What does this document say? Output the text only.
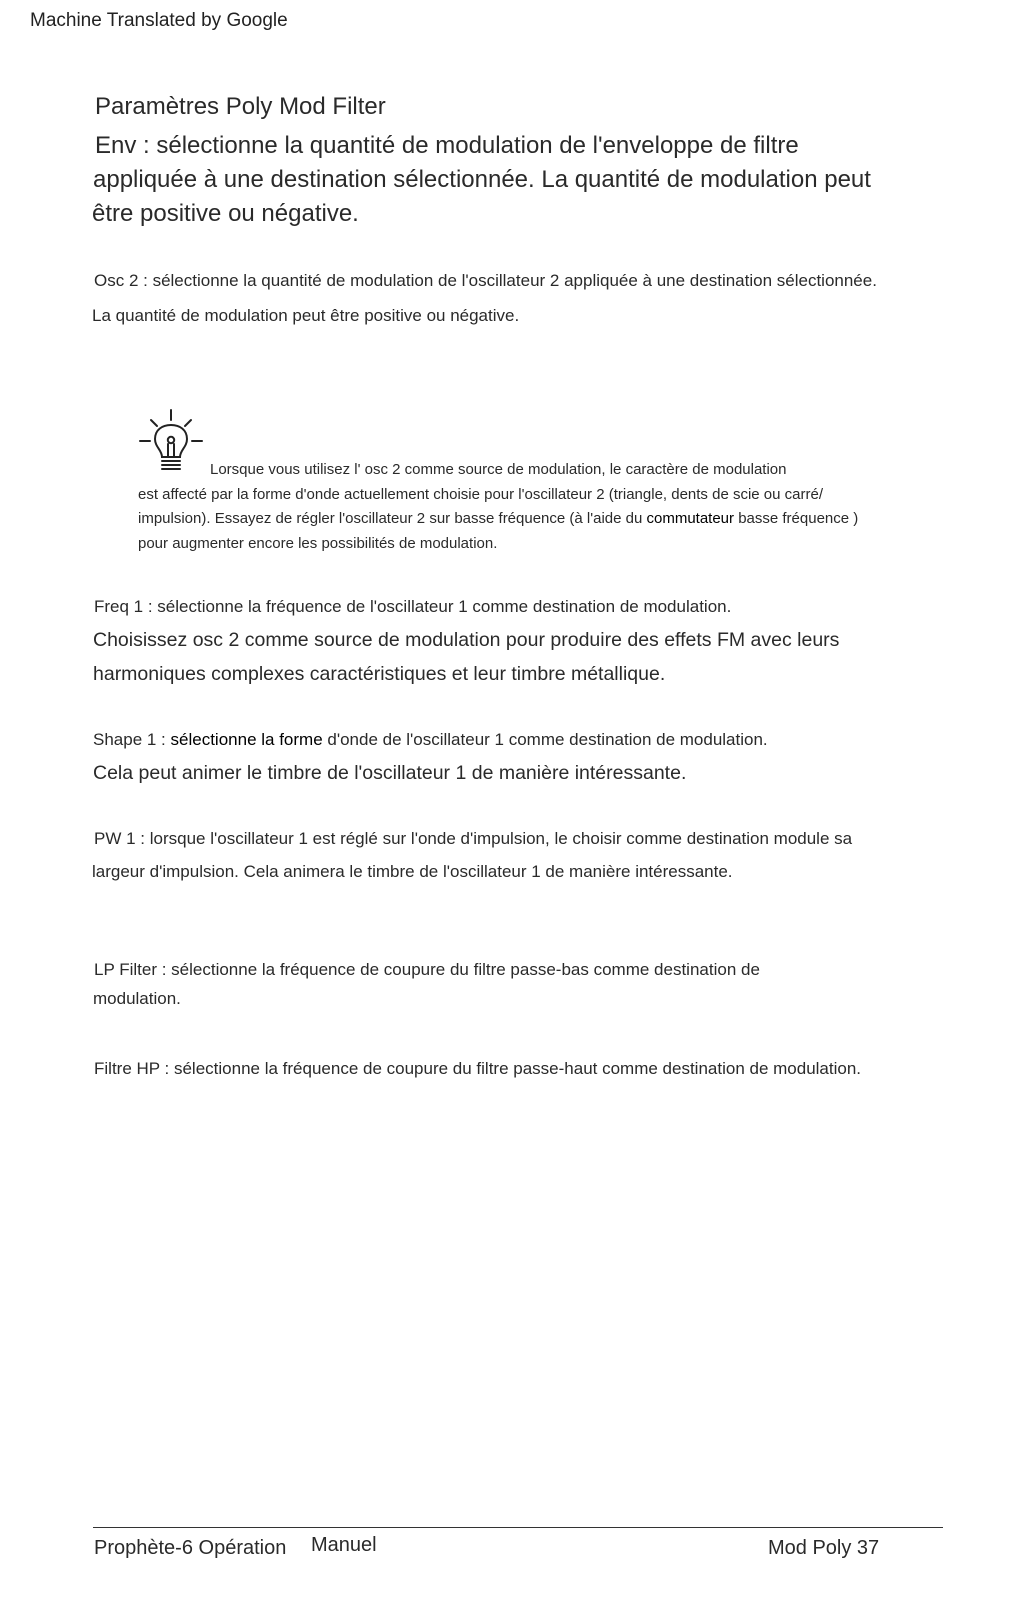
Machine Translated by Google
Paramètres Poly Mod Filter
Env : sélectionne la quantité de modulation de l'enveloppe de filtre
appliquée à une destination sélectionnée. La quantité de modulation peut
être positive ou négative.
Osc 2 : sélectionne la quantité de modulation de l'oscillateur 2 appliquée à une destination sélectionnée.
La quantité de modulation peut être positive ou négative.
Lorsque vous utilisez l' osc 2 comme source de modulation, le caractère de modulation
est affecté par la forme d'onde actuellement choisie pour l'oscillateur 2 (triangle, dents de scie ou carré/
impulsion). Essayez de régler l'oscillateur 2 sur basse fréquence (à l'aide du commutateur basse fréquence )
pour augmenter encore les possibilités de modulation.
Freq 1 : sélectionne la fréquence de l'oscillateur 1 comme destination de modulation.
Choisissez osc 2 comme source de modulation pour produire des effets FM avec leurs
harmoniques complexes caractéristiques et leur timbre métallique.
Shape 1 : sélectionne la forme d'onde de l'oscillateur 1 comme destination de modulation.
Cela peut animer le timbre de l'oscillateur 1 de manière intéressante.
PW 1 : lorsque l'oscillateur 1 est réglé sur l'onde d'impulsion, le choisir comme destination module sa
largeur d'impulsion. Cela animera le timbre de l'oscillateur 1 de manière intéressante.
LP Filter : sélectionne la fréquence de coupure du filtre passe-bas comme destination de
modulation.
Filtre HP : sélectionne la fréquence de coupure du filtre passe-haut comme destination de modulation.
Prophète-6 Opération Manuel	Mod Poly 37
